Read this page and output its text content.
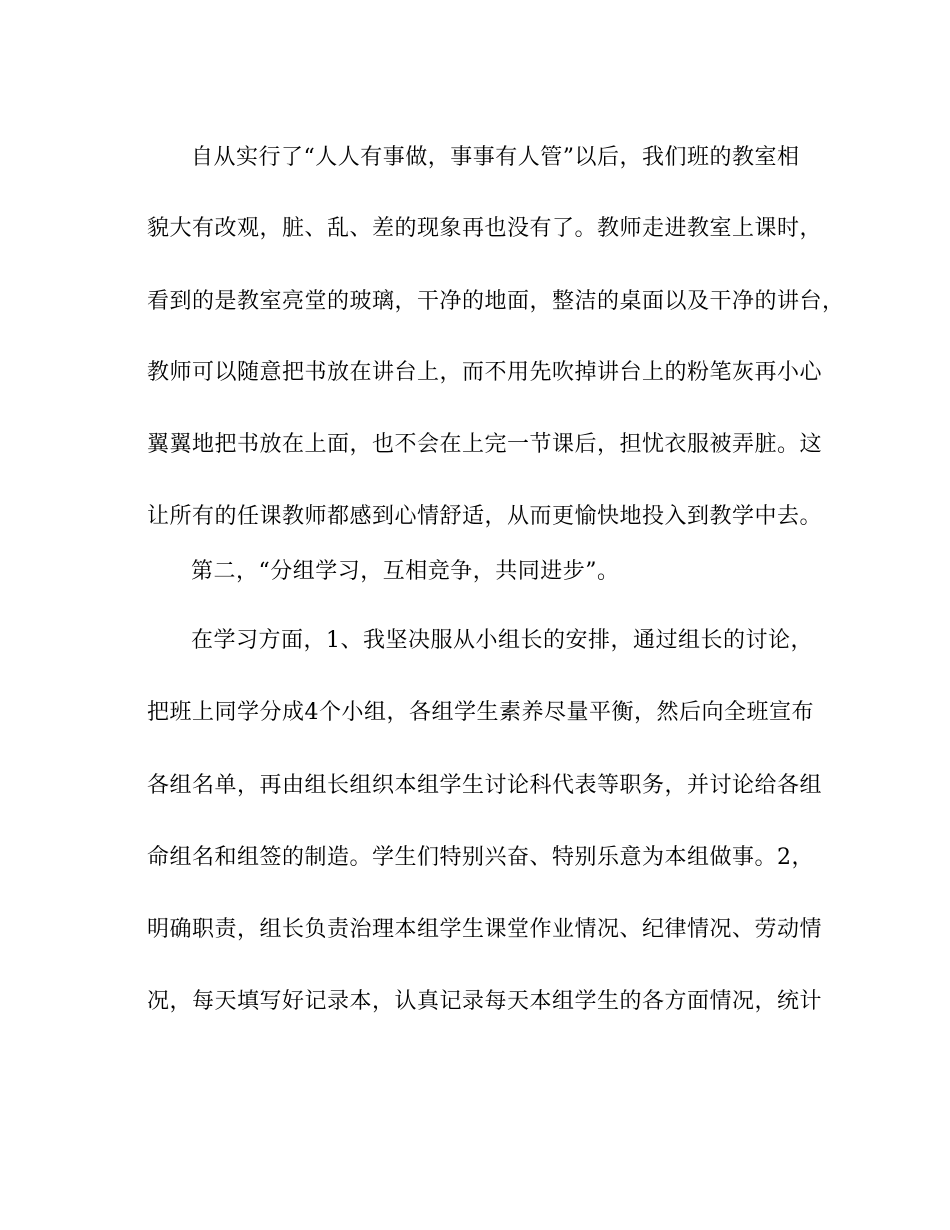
自从实行了“人人有事做，事事有人管”以后，我们班的教室相
貌大有改观，脏、乱、差的现象再也没有了。教师走进教室上课时，
看到的是教室亮堂的玻璃，干净的地面，整洁的桌面以及干净的讲台，
教师可以随意把书放在讲台上，而不用先吹掉讲台上的粉笔灰再小心
翼翼地把书放在上面，也不会在上完一节课后，担忧衣服被弄脏。这
让所有的任课教师都感到心情舒适，从而更愉快地投入到教学中去。
第二，“分组学习，互相竞争，共同进步”。
在学习方面，1、我坚决服从小组长的安排，通过组长的讨论，
把班上同学分成4个小组，各组学生素养尽量平衡，然后向全班宣布
各组名单，再由组长组织本组学生讨论科代表等职务，并讨论给各组
命组名和组签的制造。学生们特别兴奋、特别乐意为本组做事。2，
明确职责，组长负责治理本组学生课堂作业情况、纪律情况、劳动情
况，每天填写好记录本，认真记录每天本组学生的各方面情况，统计
